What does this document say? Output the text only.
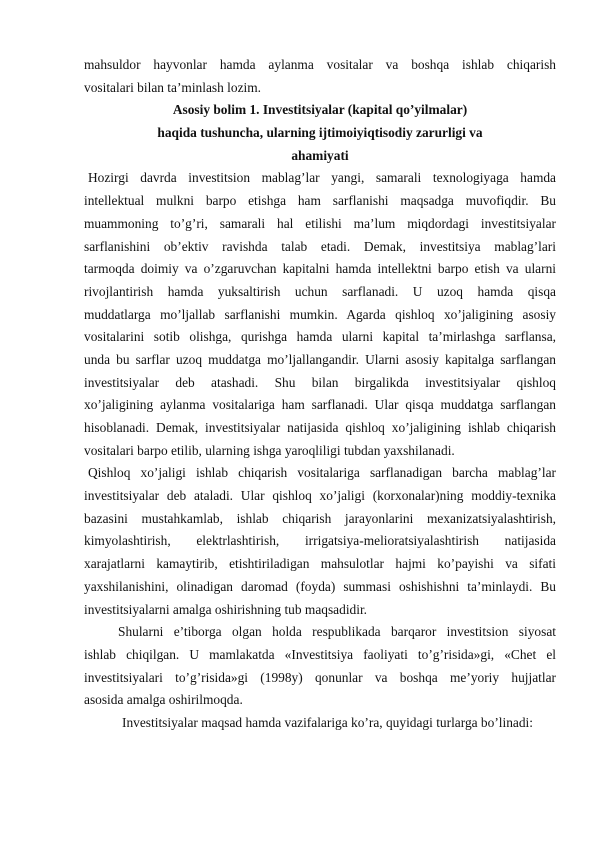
mahsuldor hayvonlar hamda aylanma vositalar va boshqa ishlab chiqarish
vositalari bilan ta’minlash lozim.
Asosiy bolim 1. Investitsiyalar (kapital qo’yilmalar)
haqida tushuncha, ularning ijtimoiyiqtisodiy zarurligi va
ahamiyati
Hozirgi davrda investitsion mablag’lar yangi, samarali texnologiyaga hamda
intellektual mulkni barpo etishga ham sarflanishi maqsadga muvofiqdir. Bu
muammoning to’g’ri, samarali hal etilishi ma’lum miqdordagi investitsiyalar
sarflanishini ob’ektiv ravishda talab etadi. Demak, investitsiya mablag’lari
tarmoqda doimiy va o’zgaruvchan kapitalni hamda intellektni barpo etish va ularni
rivojlantirish hamda yuksaltirish uchun sarflanadi. U uzoq hamda qisqa
muddatlarga mo’ljallab sarflanishi mumkin. Agarda qishloq xo’jaligining asosiy
vositalarini sotib olishga, qurishga hamda ularni kapital ta’mirlashga sarflansa,
unda bu sarflar uzoq muddatga mo’ljallangandir. Ularni asosiy kapitalga sarflangan
investitsiyalar deb atashadi. Shu bilan birgalikda investitsiyalar qishloq
xo’jaligining aylanma vositalariga ham sarflanadi. Ular qisqa muddatga sarflangan
hisoblanadi. Demak, investitsiyalar natijasida qishloq xo’jaligining ishlab chiqarish
vositalari barpo etilib, ularning ishga yaroqliligi tubdan yaxshilanadi.
Qishloq xo’jaligi ishlab chiqarish vositalariga sarflanadigan barcha mablag’lar
investitsiyalar deb ataladi. Ular qishloq xo’jaligi (korxonalar)ning moddiy-texnika
bazasini mustahkamlab, ishlab chiqarish jarayonlarini mexanizatsiyalashtirish,
kimyolashtirish, elektrlashtirish, irrigatsiya-melioratsiyalashtirish natijasida
xarajatlarni kamaytirib, etishtiriladigan mahsulotlar hajmi ko’payishi va sifati
yaxshilanishini, olinadigan daromad (foyda) summasi oshishishni ta’minlaydi. Bu
investitsiyalarni amalga oshirishning tub maqsadidir.
Shularni e’tiborga olgan holda respublikada barqaror investitsion siyosat
ishlab chiqilgan. U mamlakatda «Investitsiya faoliyati to’g’risida»gi, «Chet el
investitsiyalari to’g’risida»gi (1998y) qonunlar va boshqa me’yoriy hujjatlar
asosida amalga oshirilmoqda.
Investitsiyalar maqsad hamda vazifalariga ko’ra, quyidagi turlarga bo’linadi:
